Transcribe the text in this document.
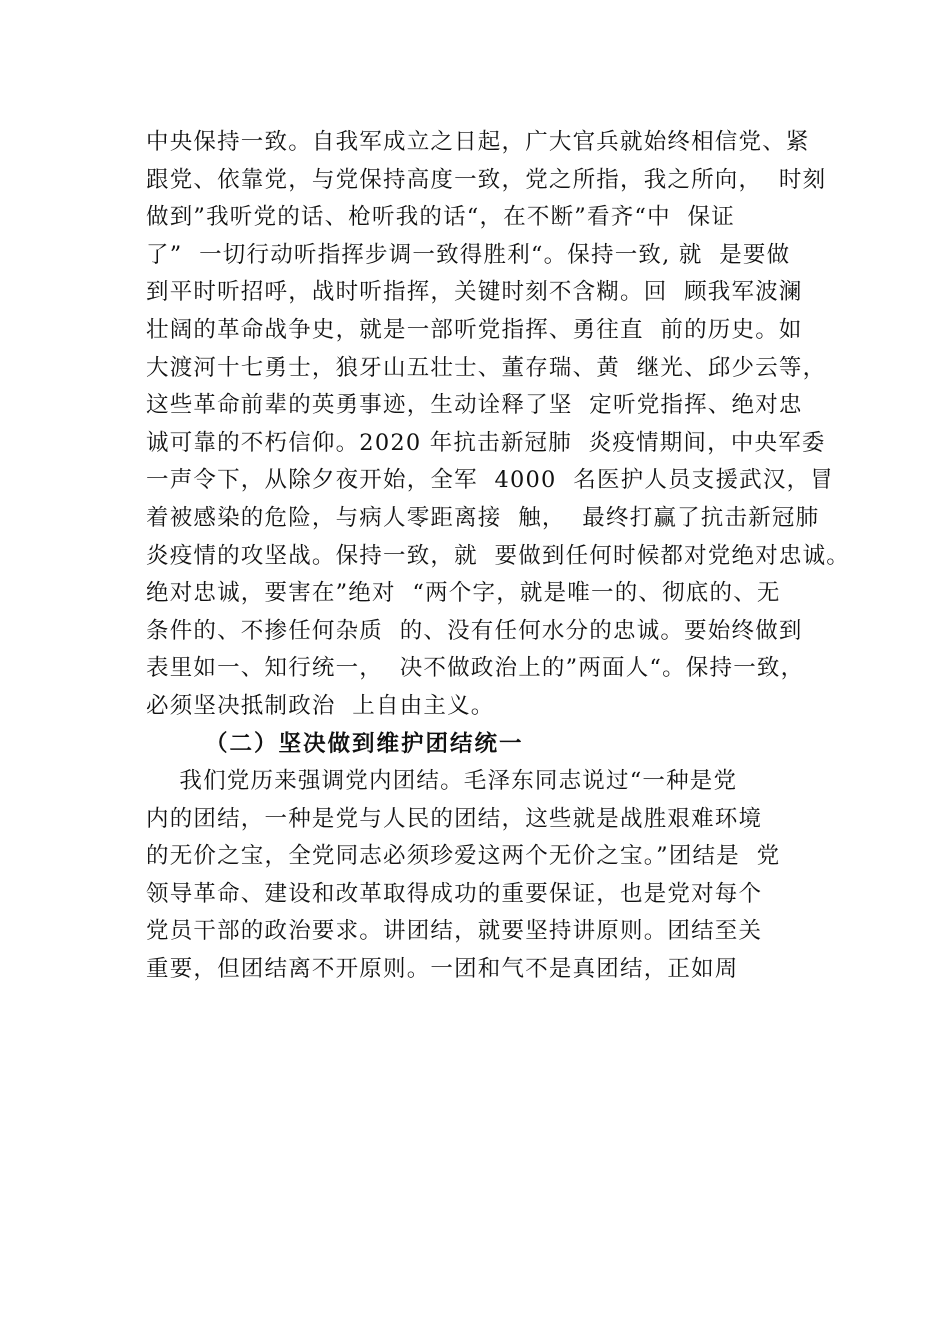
中央保持一致。自我军成立之日起，广大官兵就始终相信党、紧
跟党、依靠党，与党保持高度一致，党之所指，我之所向，  时刻
做到”我听党的话、枪听我的话“，在不断”看齐“中  保证
了”  一切行动听指挥步调一致得胜利“。保持一致, 就  是要做
到平时听招呼，战时听指挥，关键时刻不含糊。回  顾我军波澜
壮阔的革命战争史，就是一部听党指挥、勇往直  前的历史。如
大渡河十七勇士，狼牙山五壮士、董存瑞、黄  继光、邱少云等，
这些革命前辈的英勇事迹，生动诠释了坚  定听党指挥、绝对忠
诚可靠的不朽信仰。2020 年抗击新冠肺  炎疫情期间，中央军委
一声令下，从除夕夜开始，全军  4000  名医护人员支援武汉，冒
着被感染的危险，与病人零距离接  触，  最终打赢了抗击新冠肺
炎疫情的攻坚战。保持一致，就  要做到任何时候都对党绝对忠诚。
绝对忠诚，要害在”绝对  “两个字，就是唯一的、彻底的、无
条件的、不掺任何杂质  的、没有任何水分的忠诚。要始终做到
表里如一、知行统一，  决不做政治上的”两面人“。保持一致，
必须坚决抵制政治  上自由主义。
（二）坚决做到维护团结统一
我们党历来强调党内团结。毛泽东同志说过“一种是党
内的团结，一种是党与人民的团结，这些就是战胜艰难环境
的无价之宝，全党同志必须珍爱这两个无价之宝。”团结是  党
领导革命、建设和改革取得成功的重要保证，也是党对每个
党员干部的政治要求。讲团结，就要坚持讲原则。团结至关
重要，但团结离不开原则。一团和气不是真团结，正如周
